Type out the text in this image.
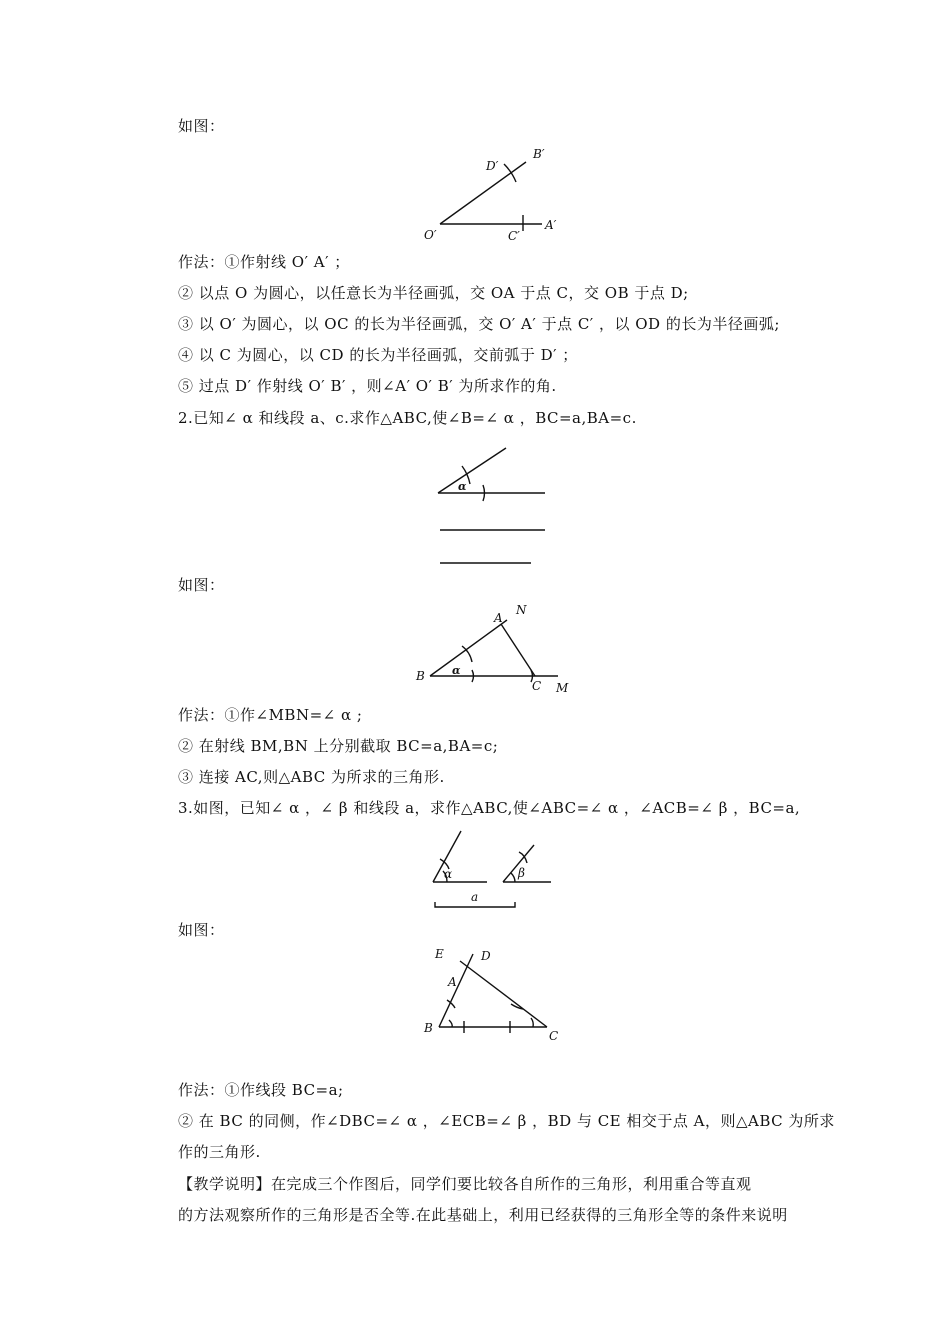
如图：
D′
B′
O′	C′
A′
作法：①作射线 O′ A′ ；
② 以点 O 为圆心，以任意长为半径画弧，交 OA 于点 C，交 OB 于点 D;
③ 以 O′ 为圆心，以 OC 的长为半径画弧，交 O′ A′ 于点 C′ ，以 OD 的长为半径画弧;
④ 以 C 为圆心，以 CD 的长为半径画弧，交前弧于 D′ ；
⑤ 过点 D′ 作射线 O′ B′ ，则∠A′ O′ B′ 为所求作的角.
2.已知∠ α 和线段 a、c.求作△ABC,使∠B=∠ α ，BC=a,BA=c.
α
如图：
A
N
B α
C M
作法：①作∠MBN=∠ α ;
② 在射线 BM,BN 上分别截取 BC=a,BA=c;
③ 连接 AC,则△ABC 为所求的三角形.
3.如图，已知∠ α ，∠ β 和线段 a，求作△ABC,使∠ABC=∠ α ，∠ACB=∠ β ，BC=a,
α	β
a
如图：
E	D
A
B
C
作法：①作线段 BC=a;
② 在 BC 的同侧，作∠DBC=∠ α ，∠ECB=∠ β ，BD 与 CE 相交于点 A，则△ABC 为所求
作的三角形.
【教学说明】在完成三个作图后，同学们要比较各自所作的三角形，利用重合等直观
的方法观察所作的三角形是否全等.在此基础上，利用已经获得的三角形全等的条件来说明
